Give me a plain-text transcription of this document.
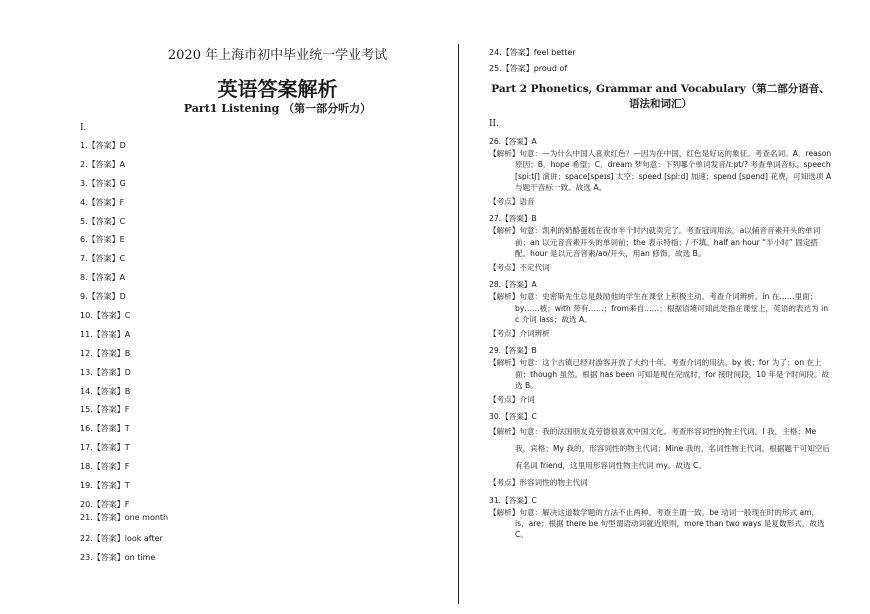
2020 年上海市初中毕业统一学业考试
英语答案解析
Part1 Listening （第一部分听力）
I．
1.【答案】D
2.【答案】A
3.【答案】G
4.【答案】F
5.【答案】C
6.【答案】E
7.【答案】C
8.【答案】A
9.【答案】D
10.【答案】C
11.【答案】A
12.【答案】B
13.【答案】D
14.【答案】B
15.【答案】F
16.【答案】T
17.【答案】T
18.【答案】F
19.【答案】T
20.【答案】F
21.【答案】one month
22.【答案】look after
23.【答案】on time
24.【答案】feel better
25.【答案】proud of
Part 2 Phonetics, Grammar and Vocabulary（第二部分语音、语法和词汇）
II．
26.【答案】A
【解析】句意：—为什么中国人喜欢红色？—因为在中国，红色是好运的象征。考查名词。A．reason 原因；B．hope 希望；C．dream 梦句意：下列哪个单词发音/ɪːpt/? 考查单词音标。speech [spiːtʃ] 演讲；space[speɪs] 太空；speed [spiːd] 加速；spend [spend] 花费，可知选项 A 与题干音标一致。故选 A。
【考点】语音
27.【答案】B
【解析】句意：凯利的奶酪蛋糕在夜市半个时内就卖完了。考查冠词用法。a以辅音音素开头的单词前；an 以元音音素开头的单词前；the 表示特指；/ 不填。half an hour “半小时” 固定搭配。hour 是以元音音素/aʊ/开头，用an 修饰。故选 B。
【考点】不定代词
28.【答案】A
【解析】句意：史密斯先生总是鼓励他的学生在课堂上积极主动。考查介词辨析。in 在……里面；by……被；with 带有……；from来自……；根据语境可知此处指在课堂上，英语的表达为 in c 介词 lass；故选 A。
【考点】介词辨析
29.【答案】B
【解析】句意：这个古镇已经对游客开放了大约十年。考查介词的用法。by 被；for 为了；on 在上面；though 虽然。根据 has been 可知是现在完成时，for 接时间段，10 年是个时间段。故选 B。
【考点】介词
30.【答案】C
【解析】句意：我的法国朋友克劳德很喜欢中国文化。考查形容词性的物主代词。I 我，主格；Me 我，宾格；My 我的，形容词性的物主代词；Mine 我的，名词性物主代词。根据题干可知空后有名词 friend，这里用形容词性物主代词 my。故选 C。
【考点】形容词性的物主代词
31.【答案】C
【解析】句意：解决这道数学题的方法不止两种。考查主谓一致。be 动词一般现在时的形式 am，is，are；根据 there be 句型谓语动词就近原则，more than two ways 是复数形式，故选 C。
